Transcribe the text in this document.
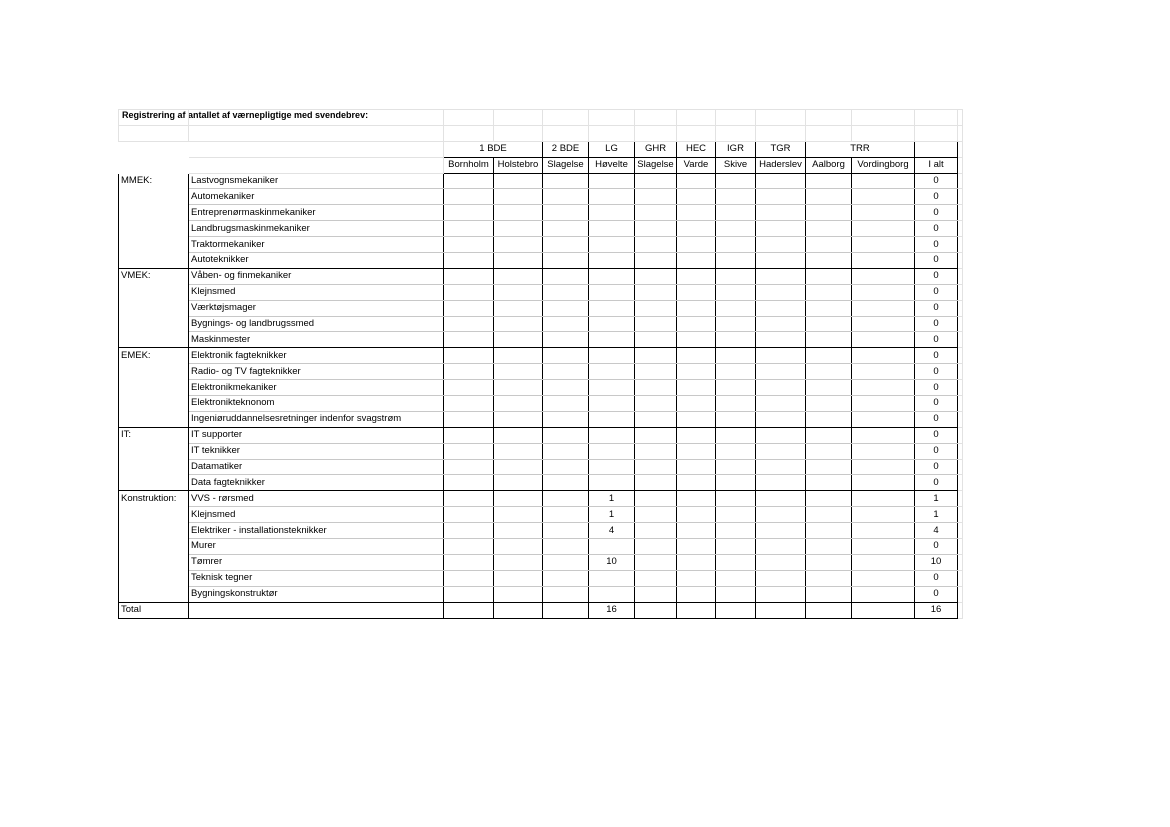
Registrering af antallet af værnepligtige med svendebrev:

		1 BDE		2 BDE	LG	GHR	HEC	IGR	TGR	TRR			
		Bornholm	Holstebro	Slagelse	Høvelte	Slagelse	Varde	Skive	Haderslev	Aalborg	Vordingborg	I alt	
MMEK:	Lastvognsmekaniker											0	
	Automekaniker											0	
	Entreprenørmaskinmekaniker											0	
	Landbrugsmaskinmekaniker											0	
	Traktormekaniker											0	
	Autoteknikker											0	
VMEK:	Våben- og finmekaniker											0	
	Klejnsmed											0	
	Værktøjsmager											0	
	Bygnings- og landbrugssmed											0	
	Maskinmester											0	
EMEK:	Elektronik fagteknikker											0	
	Radio- og TV fagteknikker											0	
	Elektronikmekaniker											0	
	Elektronikteknonom											0	
	Ingeniøruddannelsesretninger indenfor svagstrøm											0	
IT:	IT supporter											0	
	IT teknikker											0	
	Datamatiker											0	
	Data fagteknikker											0	
Konstruktion:	VVS - rørsmed				1							1	
	Klejnsmed				1							1	
	Elektriker - installationsteknikker				4							4	
	Murer											0	
	Tømrer				10							10	
	Teknisk tegner											0	
	Bygningskonstruktør											0	
Total					16							16	
